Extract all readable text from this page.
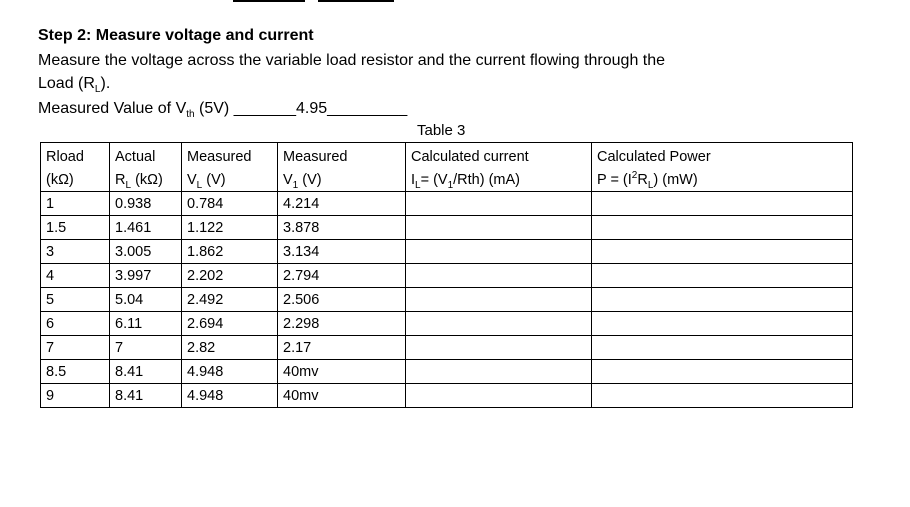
Step 2: Measure voltage and current

Measure the voltage across the variable load resistor and the current flowing through the

Load $(R_L)$.

Measured Value of $V_{th}$ (5V) _______4.95_________

Table 3

Rload	Actual	Measured	Measured	Calculated current	Calculated Power
(kΩ)	$R_L$ (kΩ)	$V_L$ (V)	$V_1$ (V)	$I_L= (V_1/Rth)$ (mA)	$P = (I^2R_L)$ (mW)
1	0.938	0.784	4.214		
1.5	1.461	1.122	3.878		
3	3.005	1.862	3.134		
4	3.997	2.202	2.794		
5	5.04	2.492	2.506		
6	6.11	2.694	2.298		
7	7	2.82	2.17		
8.5	8.41	4.948	40mv		
9	8.41	4.948	40mv		
